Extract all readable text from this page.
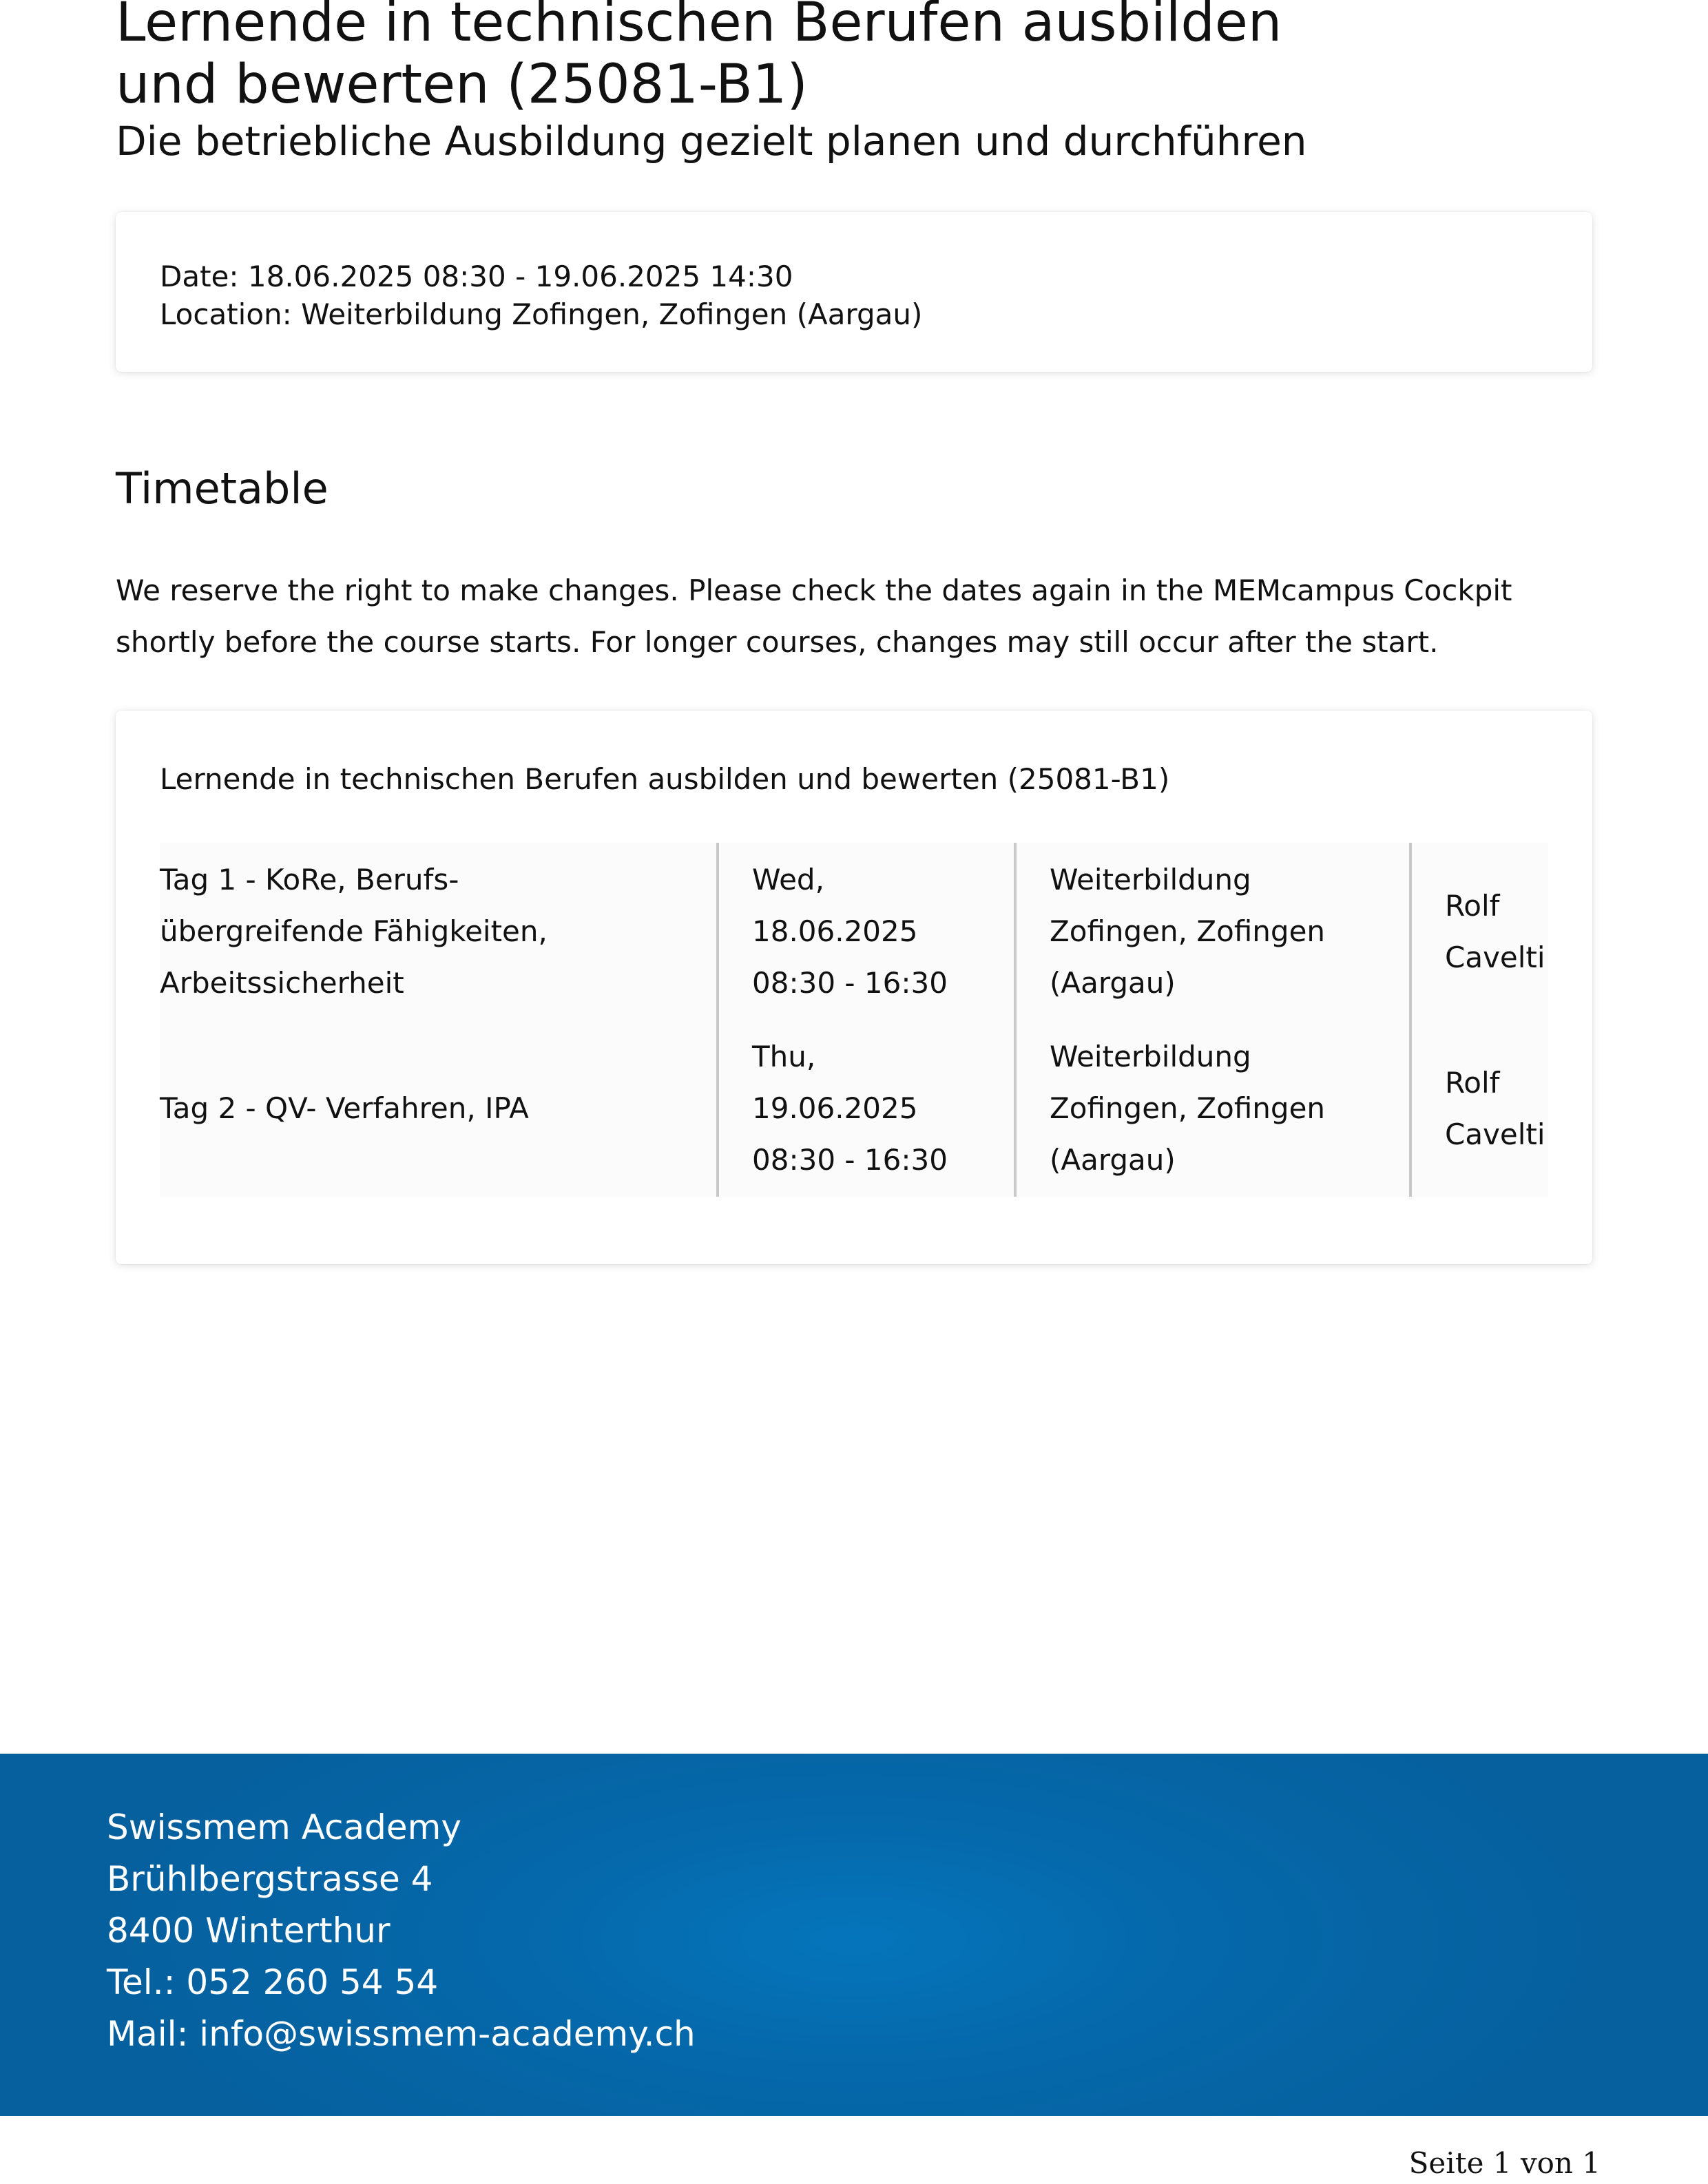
Lernende in technischen Berufen ausbilden
und bewerten (25081-B1)
Die betriebliche Ausbildung gezielt planen und durchführen
Date: 18.06.2025 08:30 - 19.06.2025 14:30
Location: Weiterbildung Zofingen, Zofingen (Aargau)
Timetable

We reserve the right to make changes. Please check the dates again in the MEMcampus Cockpit shortly before the course starts. For longer courses, changes may still occur after the start.

Lernende in technischen Berufen ausbilden und bewerten (25081-B1)
Tag 1 - KoRe, Berufs- übergreifende Fähigkeiten, Arbeitssicherheit	Wed,
18.06.2025
08:30 - 16:30	Weiterbildung
Zofingen, Zofingen
(Aargau)	Rolf
Cavelti

Tag 2 - QV- Verfahren, IPA	Thu,
19.06.2025
08:30 - 16:30	Weiterbildung
Zofingen, Zofingen
(Aargau)	Rolf
Cavelti
Swissmem Academy
Brühlbergstrasse 4
8400 Winterthur
Tel.: 052 260 54 54
Mail: info@swissmem-academy.ch
Seite 1 von 1
